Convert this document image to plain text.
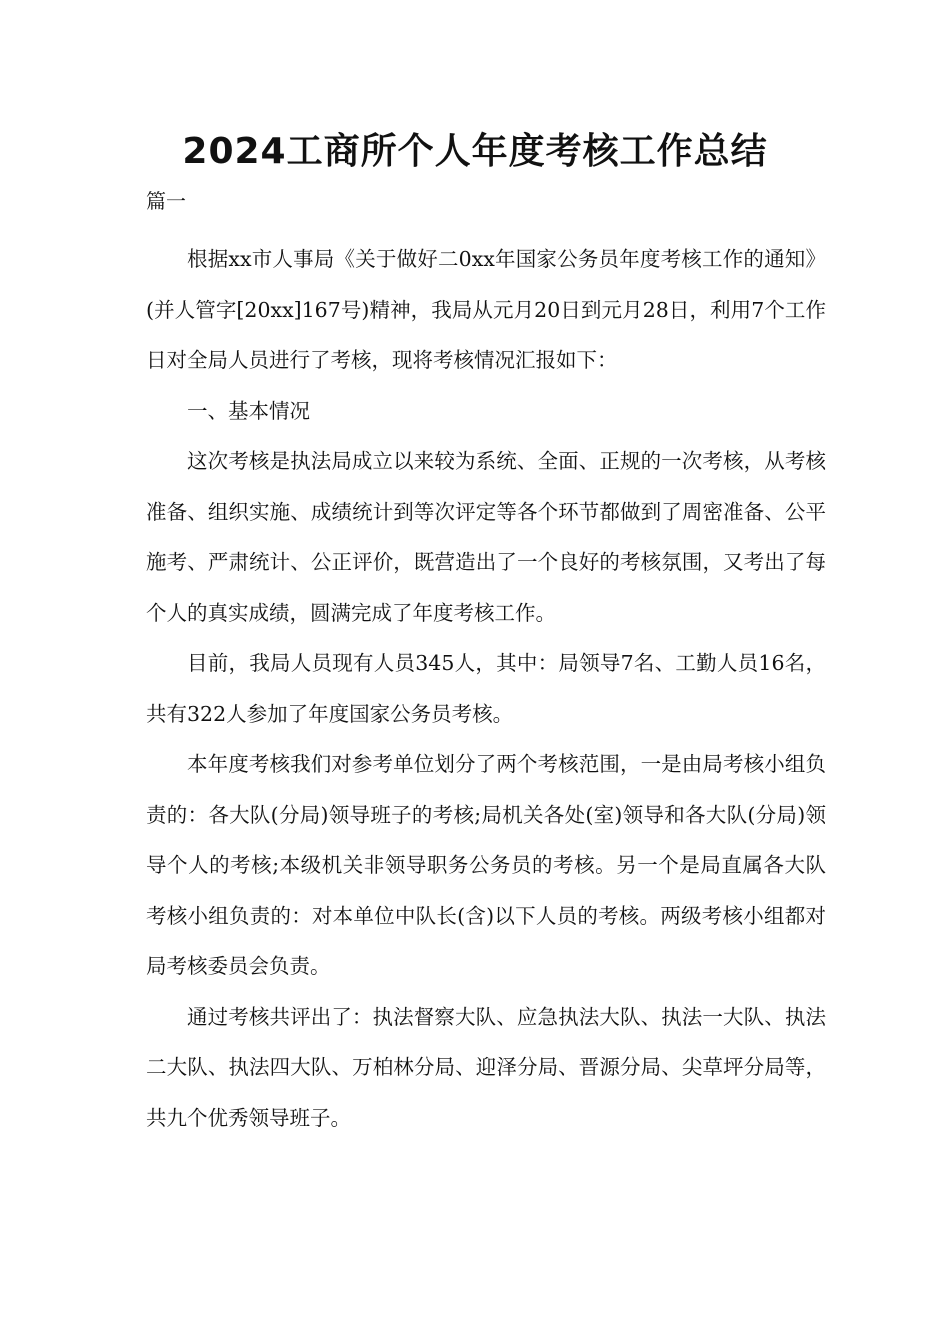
2024工商所个人年度考核工作总结
篇一

根据xx市人事局《关于做好二0xx年国家公务员年度考核工作的通知》(并人管字[20xx]167号)精神，我局从元月20日到元月28日，利用7个工作日对全局人员进行了考核，现将考核情况汇报如下：

一、基本情况

这次考核是执法局成立以来较为系统、全面、正规的一次考核，从考核准备、组织实施、成绩统计到等次评定等各个环节都做到了周密准备、公平施考、严肃统计、公正评价，既营造出了一个良好的考核氛围，又考出了每个人的真实成绩，圆满完成了年度考核工作。

目前，我局人员现有人员345人，其中：局领导7名、工勤人员16名，共有322人参加了年度国家公务员考核。

本年度考核我们对参考单位划分了两个考核范围，一是由局考核小组负责的：各大队(分局)领导班子的考核;局机关各处(室)领导和各大队(分局)领导个人的考核;本级机关非领导职务公务员的考核。另一个是局直属各大队考核小组负责的：对本单位中队长(含)以下人员的考核。两级考核小组都对局考核委员会负责。

通过考核共评出了：执法督察大队、应急执法大队、执法一大队、执法二大队、执法四大队、万柏林分局、迎泽分局、晋源分局、尖草坪分局等，共九个优秀领导班子。
